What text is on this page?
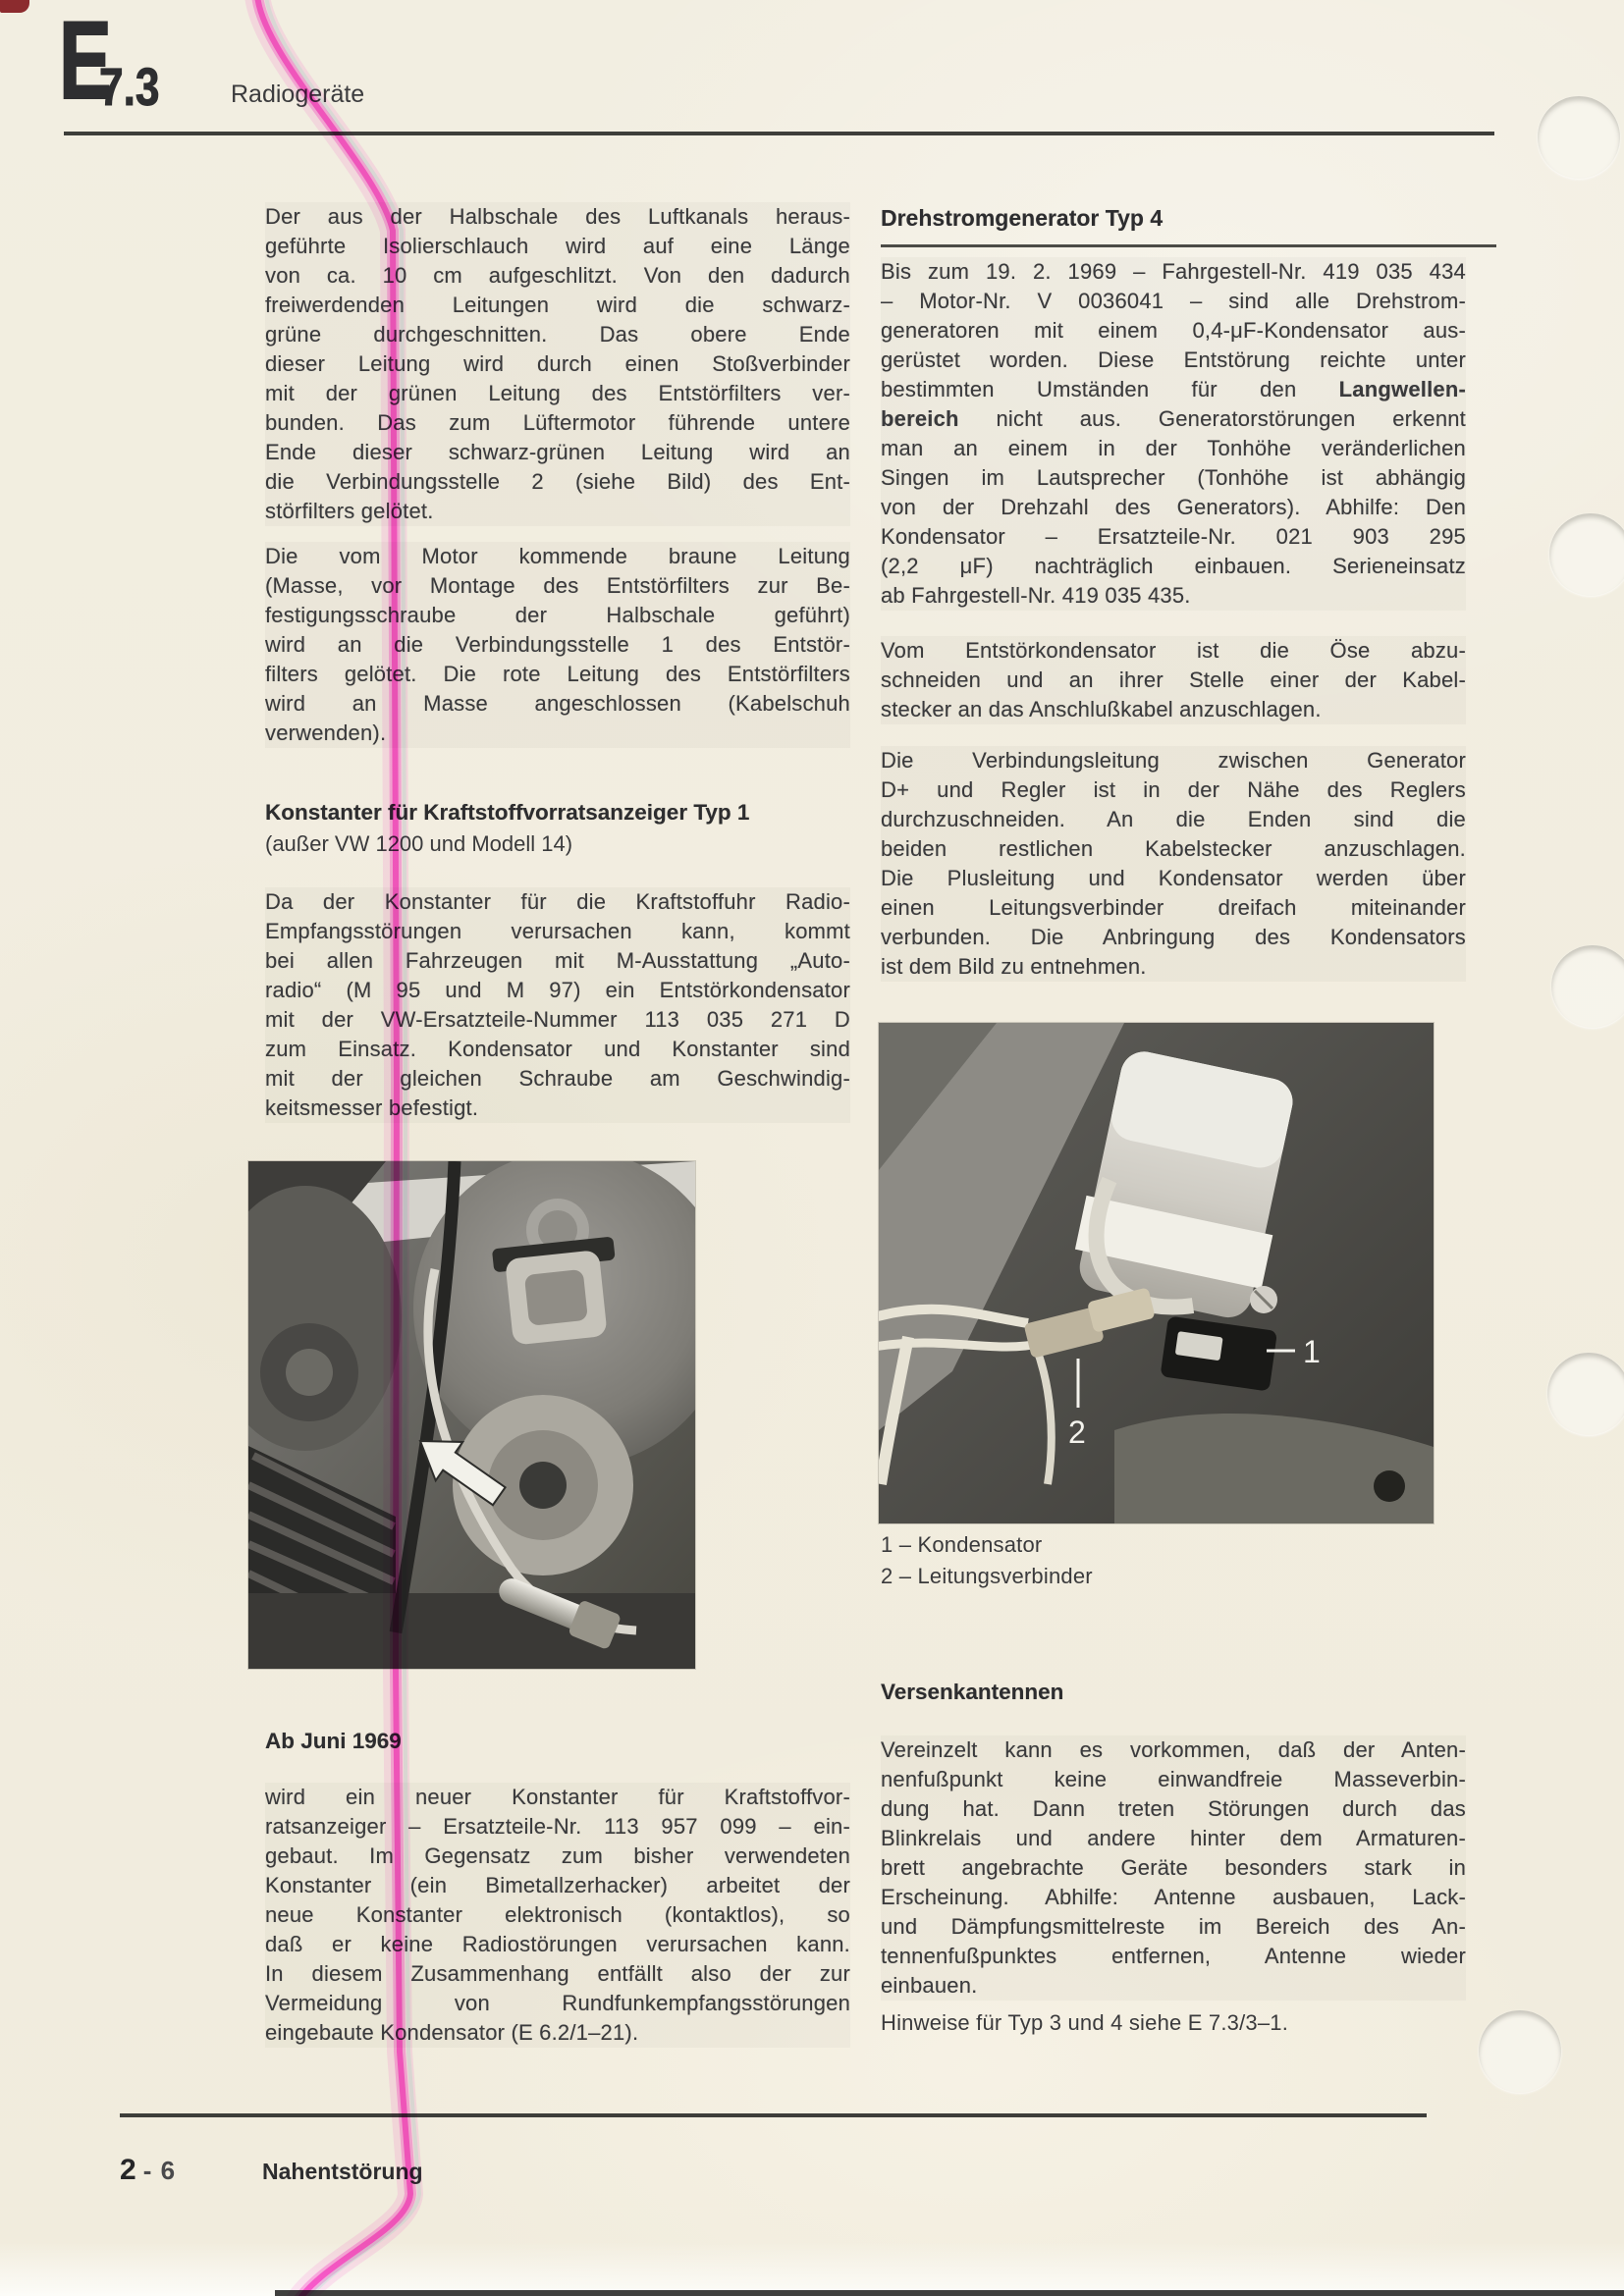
E
7.3	Radiogeräte
Der aus der Halbschale des Luftkanals heraus-
geführte Isolierschlauch wird auf eine Länge
von ca. 10 cm aufgeschlitzt. Von den dadurch
freiwerdenden Leitungen wird die schwarz-
grüne durchgeschnitten. Das obere Ende
dieser Leitung wird durch einen Stoßverbinder
mit der grünen Leitung des Entstörfilters ver-
bunden. Das zum Lüftermotor führende untere
Ende dieser schwarz-grünen Leitung wird an
die Verbindungsstelle 2 (siehe Bild) des Ent-
störfilters gelötet.
Die vom Motor kommende braune Leitung
(Masse, vor Montage des Entstörfilters zur Be-
festigungsschraube der Halbschale geführt)
wird an die Verbindungsstelle 1 des Entstör-
filters gelötet. Die rote Leitung des Entstörfilters
wird an Masse angeschlossen (Kabelschuh
verwenden).
Konstanter für Kraftstoffvorratsanzeiger Typ 1
(außer VW 1200 und Modell 14)
Da der Konstanter für die Kraftstoffuhr Radio-
Empfangsstörungen verursachen kann, kommt
bei allen Fahrzeugen mit M-Ausstattung „Auto-
radio“ (M 95 und M 97) ein Entstörkondensator
mit der VW-Ersatzteile-Nummer 113 035 271 D
zum Einsatz. Kondensator und Konstanter sind
mit der gleichen Schraube am Geschwindig-
keitsmesser befestigt.
Ab Juni 1969
wird ein neuer Konstanter für Kraftstoffvor-
ratsanzeiger – Ersatzteile-Nr. 113 957 099 – ein-
gebaut. Im Gegensatz zum bisher verwendeten
Konstanter (ein Bimetallzerhacker) arbeitet der
neue Konstanter elektronisch (kontaktlos), so
daß er keine Radiostörungen verursachen kann.
In diesem Zusammenhang entfällt also der zur
Vermeidung von Rundfunkempfangsstörungen
eingebaute Kondensator (E 6.2/1–21).
Drehstromgenerator Typ 4
Bis zum 19. 2. 1969 – Fahrgestell-Nr. 419 035 434
– Motor-Nr. V 0036041 – sind alle Drehstrom-
generatoren mit einem 0,4-μF-Kondensator aus-
gerüstet worden. Diese Entstörung reichte unter
bestimmten Umständen für den Langwellen-
bereich nicht aus. Generatorstörungen erkennt
man an einem in der Tonhöhe veränderlichen
Singen im Lautsprecher (Tonhöhe ist abhängig
von der Drehzahl des Generators). Abhilfe: Den
Kondensator – Ersatzteile-Nr. 021 903 295
(2,2 μF) nachträglich einbauen. Serieneinsatz
ab Fahrgestell-Nr. 419 035 435.
Vom Entstörkondensator ist die Öse abzu-
schneiden und an ihrer Stelle einer der Kabel-
stecker an das Anschlußkabel anzuschlagen.
Die Verbindungsleitung zwischen Generator
D+ und Regler ist in der Nähe des Reglers
durchzuschneiden. An die Enden sind die
beiden restlichen Kabelstecker anzuschlagen.
Die Plusleitung und Kondensator werden über
einen Leitungsverbinder dreifach miteinander
verbunden. Die Anbringung des Kondensators
ist dem Bild zu entnehmen.
1
2
1 – Kondensator
2 – Leitungsverbinder
Versenkantennen
Vereinzelt kann es vorkommen, daß der Anten-
nenfußpunkt keine einwandfreie Masseverbin-
dung hat. Dann treten Störungen durch das
Blinkrelais und andere hinter dem Armaturen-
brett angebrachte Geräte besonders stark in
Erscheinung. Abhilfe: Antenne ausbauen, Lack-
und Dämpfungsmittelreste im Bereich des An-
tennenfußpunktes entfernen, Antenne wieder
einbauen.
Hinweise für Typ 3 und 4 siehe E 7.3/3–1.
2 - 6	Nahentstörung
